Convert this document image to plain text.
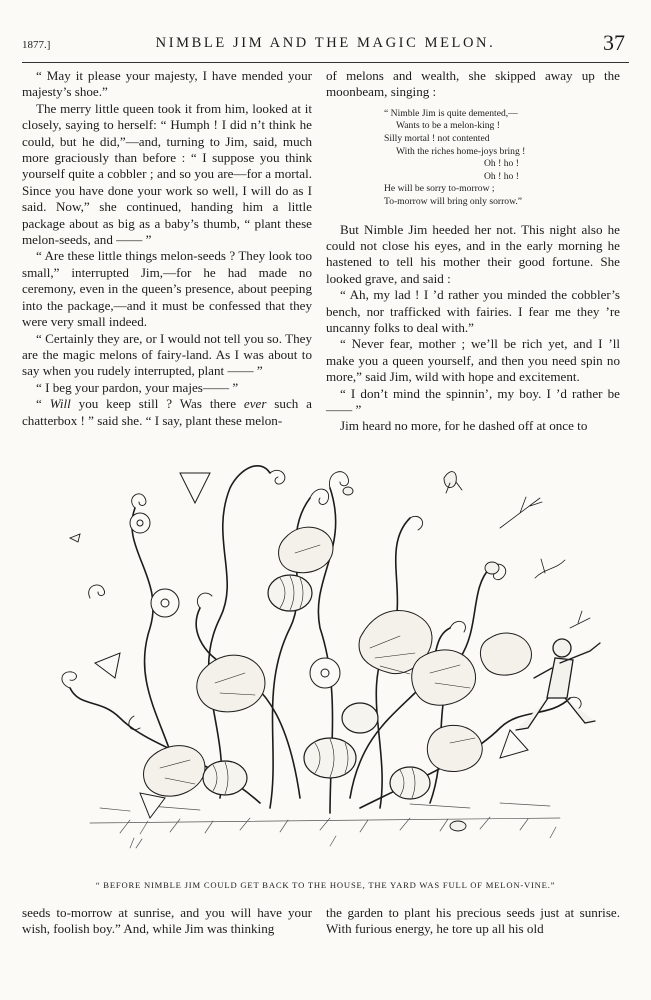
1877.]	NIMBLE JIM AND THE MAGIC MELON.	37

“ May it please your majesty, I have mended your majesty’s shoe.”

The merry little queen took it from him, looked at it closely, saying to herself: “ Humph ! I did n’t think he could, but he did,”—and, turning to Jim, said, much more graciously than before : “ I suppose you think yourself quite a cobbler ; and so you are—for a mortal. Since you have done your work so well, I will do as I said. Now,” she continued, handing him a little package about as big as a baby’s thumb, “ plant these melon-seeds, and —— ”

“ Are these little things melon-seeds ? They look too small,” interrupted Jim,—for he had made no ceremony, even in the queen’s presence, about peeping into the package,—and it must be confessed that they were very small indeed.

“ Certainly they are, or I would not tell you so. They are the magic melons of fairy-land. As I was about to say when you rudely interrupted, plant —— ”

“ I beg your pardon, your majes—— ”

“ Will you keep still ? Was there ever such a chatterbox ! ” said she. “ I say, plant these melon-

of melons and wealth, she skipped away up the moonbeam, singing :

“ Nimble Jim is quite demented,—
Wants to be a melon-king !
Silly mortal ! not contented
With the riches home-joys bring !
Oh ! ho !
Oh ! ho !
He will be sorry to-morrow ;
To-morrow will bring only sorrow.”

But Nimble Jim heeded her not. This night also he could not close his eyes, and in the early morning he hastened to tell his mother their good fortune. She looked grave, and said :

“ Ah, my lad ! I ’d rather you minded the cobbler’s bench, nor trafficked with fairies. I fear me they ’re uncanny folks to deal with.”

“ Never fear, mother ; we’ll be rich yet, and I ’ll make you a queen yourself, and then you need spin no more,” said Jim, wild with hope and excitement.

“ I don’t mind the spinnin’, my boy. I ’d rather be —— ”

Jim heard no more, for he dashed off at once to

“ BEFORE NIMBLE JIM COULD GET BACK TO THE HOUSE, THE YARD WAS FULL OF MELON-VINE.”
seeds to-morrow at sunrise, and you will have your wish, foolish boy.” And, while Jim was thinking
the garden to plant his precious seeds just at sunrise. With furious energy, he tore up all his old
